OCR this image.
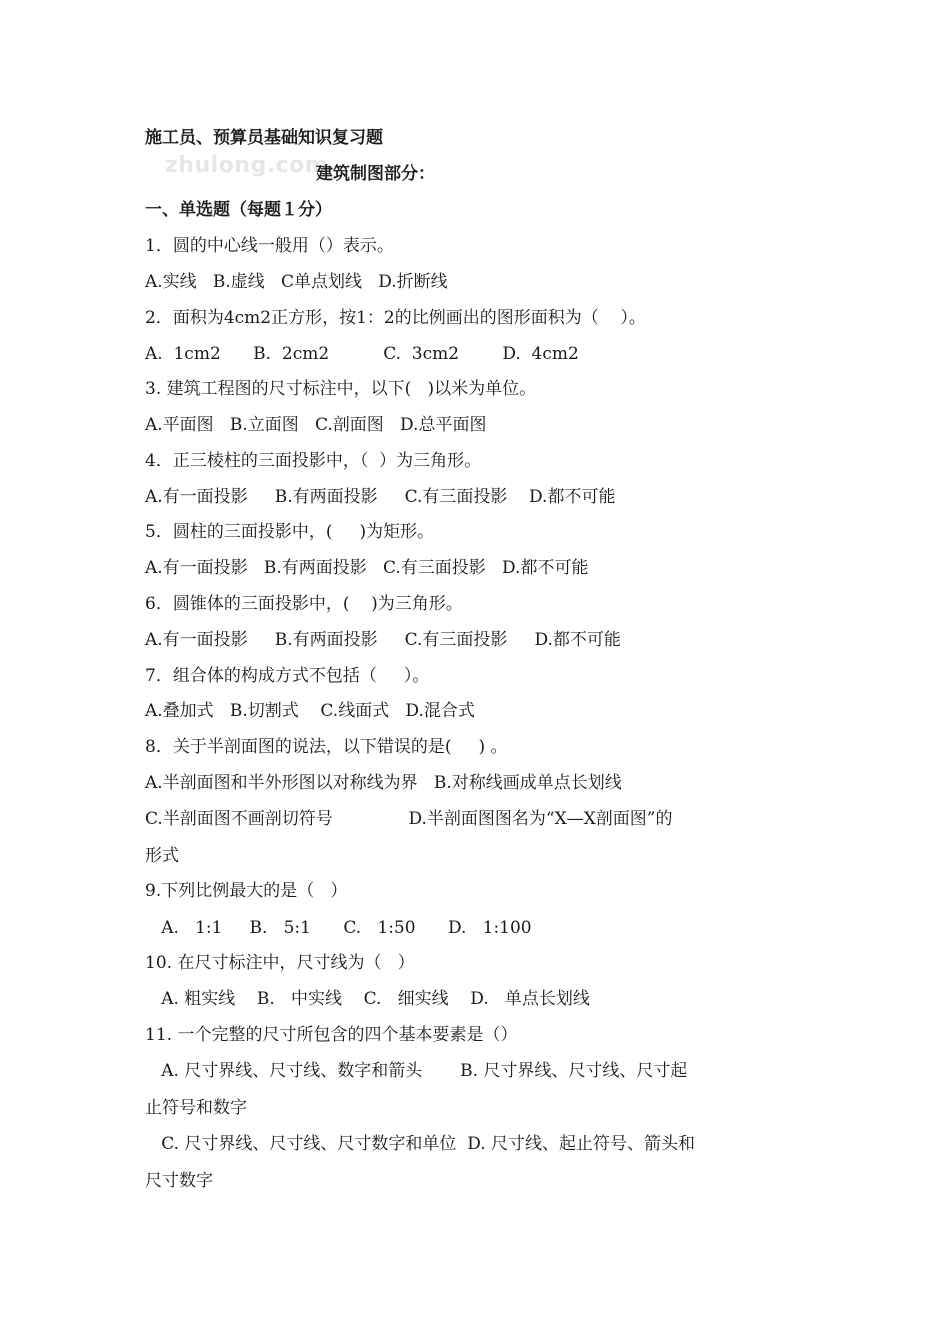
zhulong.com
施工员、预算员基础知识复习题
建筑制图部分：
一、单选题（每题１分）
1．圆的中心线一般用（）表示。
A.实线   B.虚线   C单点划线   D.折断线
2．面积为4cm2正方形，按1：2的比例画出的图形面积为（    ）。
A.  1cm2      B.  2cm2          C.  3cm2        D.  4cm2
3. 建筑工程图的尺寸标注中，以下(   )以米为单位。
A.平面图   B.立面图   C.剖面图   D.总平面图
4．正三棱柱的三面投影中，（  ）为三角形。
A.有一面投影     B.有两面投影     C.有三面投影    D.都不可能
5．圆柱的三面投影中，(     )为矩形。
A.有一面投影   B.有两面投影   C.有三面投影   D.都不可能
6．圆锥体的三面投影中，(    )为三角形。
A.有一面投影     B.有两面投影     C.有三面投影     D.都不可能
7．组合体的构成方式不包括（     ）。
A.叠加式   B.切割式    C.线面式   D.混合式
8．关于半剖面图的说法，以下错误的是(     ) 。
A.半剖面图和半外形图以对称线为界   B.对称线画成单点长划线
C.半剖面图不画剖切符号              D.半剖面图图名为“X—X剖面图”的
形式
9.下列比例最大的是（   ）
A.   1:1     B.   5:1      C.   1:50      D.   1:100
10. 在尺寸标注中，尺寸线为（   ）
A. 粗实线    B.   中实线    C.   细实线    D.   单点长划线
11. 一个完整的尺寸所包含的四个基本要素是（）
A. 尺寸界线、尺寸线、数字和箭头       B. 尺寸界线、尺寸线、尺寸起
止符号和数字
C. 尺寸界线、尺寸线、尺寸数字和单位  D. 尺寸线、起止符号、箭头和
尺寸数字
